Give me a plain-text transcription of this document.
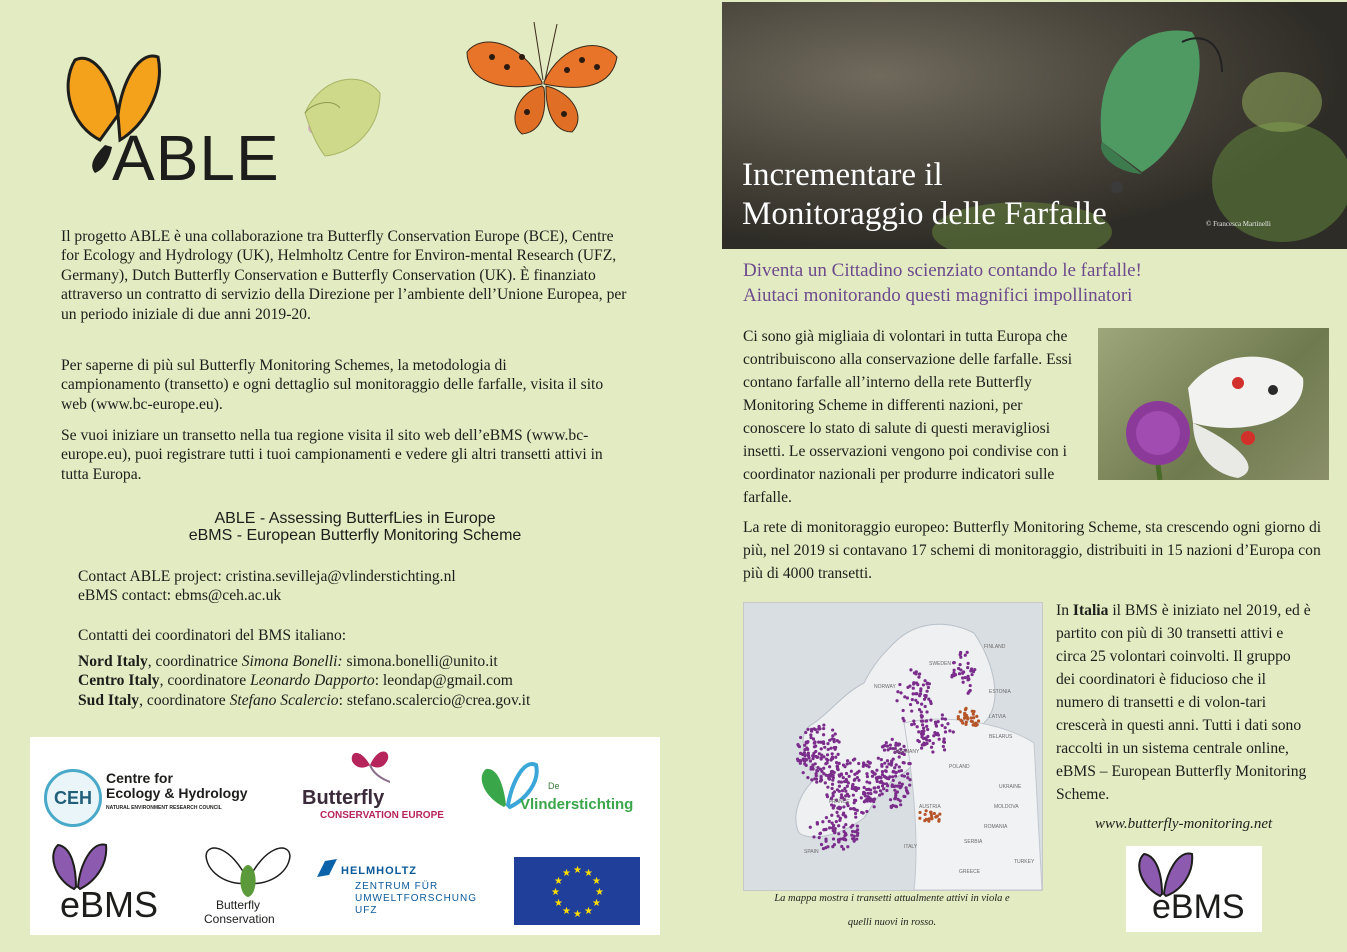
ABLE

Il progetto ABLE è una collaborazione tra Butterfly Conservation Europe (BCE), Centre for Ecology and Hydrology (UK), Helmholtz Centre for Environ-mental Research (UFZ, Germany), Dutch Butterfly Conservation e Butterfly Conservation (UK). È finanziato attraverso un contratto di servizio della Direzione per l’ambiente dell’Unione Europea, per un periodo iniziale di due anni 2019-20.

Per saperne di più sul Butterfly Monitoring Schemes, la metodologia di campionamento (transetto) e ogni dettaglio sul monitoraggio delle farfalle, visita il sito web (www.bc-europe.eu).

Se vuoi iniziare un transetto nella tua regione visita il sito web dell’eBMS (www.bc-europe.eu), puoi registrare tutti i tuoi campionamenti e vedere gli altri transetti attivi in tutta Europa.

ABLE - Assessing ButterfLies in Europe
eBMS - European Butterfly Monitoring Scheme

Contact ABLE project: cristina.sevilleja@vlinderstichting.nl

eBMS contact: ebms@ceh.ac.uk

Contatti dei coordinatori del BMS italiano:

Nord Italy, coordinatrice Simona Bonelli: simona.bonelli@unito.it

Centro Italy, coordinatore Leonardo Dapporto: leondap@gmail.com

Sud Italy, coordinatore Stefano Scalercio: stefano.scalercio@crea.gov.it

CEH
Centre for
Ecology & Hydrology
NATURAL ENVIRONMENT RESEARCH COUNCIL	Butterfly
CONSERVATION EUROPE
De
Vlinderstichting
eBMS	Butterfly
Conservation
HELMHOLTZ
ZENTRUM FÜR
UMWELTFORSCHUNG
UFZ
★
★
★
★
★
★
★
★
★ ★ ★
★
Incrementare il
Monitoraggio delle Farfalle	© Francesca Martinelli
Diventa un Cittadino scienziato contando le farfalle!
Aiutaci monitorando questi magnifici impollinatori

Ci sono già migliaia di volontari in tutta Europa che contribuiscono alla conservazione delle farfalle. Essi contano farfalle all’interno della rete Butterfly Monitoring Scheme in differenti nazioni, per conoscere lo stato di salute di questi meravigliosi insetti. Le osservazioni vengono poi condivise con i coordinator nazionali per produrre indicatori sulle farfalle.

La rete di monitoraggio europeo: Butterfly Monitoring Scheme, sta crescendo ogni giorno di più, nel 2019 si contavano 17 schemi di monitoraggio, distribuiti in 15 nazioni d’Europa con più di 4000 transetti.

NORWAY
SWEDEN
FINLAND
ESTONIA
LATVIA
BELARUS
POLAND
UKRAINE
ROMANIA
TURKEY
SPAIN
ITALY
AUSTRIA	MOLDOVA
GREECE
SERBIA
GERMANY
FRANCE
La mappa mostra i transetti attualmente attivi in viola e
quelli nuovi in rosso.

In Italia il BMS è iniziato nel 2019, ed è partito con più di 30 transetti attivi e circa 25 volontari coinvolti. Il gruppo dei coordinatori è fiducioso che il numero di transetti e di volon-tari crescerà in questi anni. Tutti i dati sono raccolti in un sistema centrale online, eBMS – European Butterfly Monitoring Scheme.

www.butterfly-monitoring.net
eBMS
